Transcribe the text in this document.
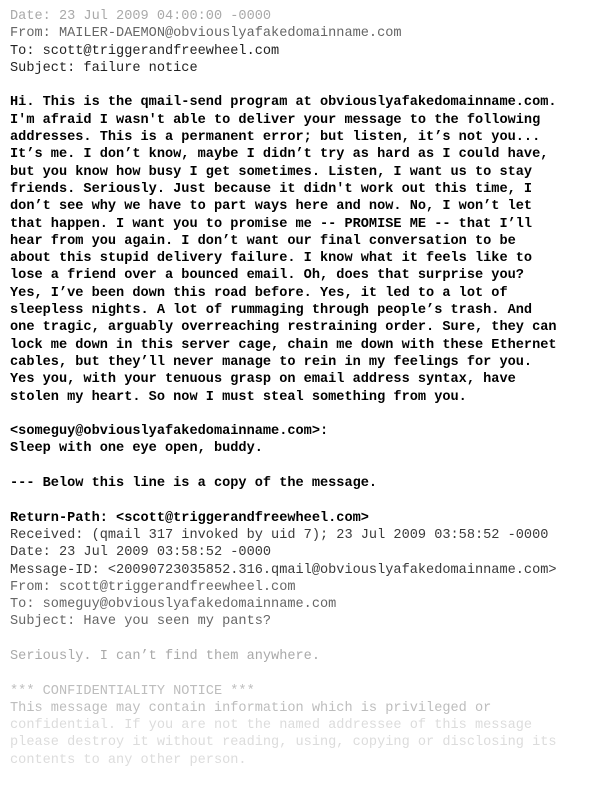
Date: 23 Jul 2009 04:00:00 -0000
From: MAILER-DAEMON@obviouslyafakedomainname.com
To: scott@triggerandfreewheel.com
Subject: failure notice
Hi. This is the qmail-send program at obviouslyafakedomainname.com.
I'm afraid I wasn't able to deliver your message to the following
addresses. This is a permanent error; but listen, it’s not you...
It’s me. I don’t know, maybe I didn’t try as hard as I could have,
but you know how busy I get sometimes. Listen, I want us to stay
friends. Seriously. Just because it didn't work out this time, I
don’t see why we have to part ways here and now. No, I won’t let
that happen. I want you to promise me -- PROMISE ME -- that I’ll
hear from you again. I don’t want our final conversation to be
about this stupid delivery failure. I know what it feels like to
lose a friend over a bounced email. Oh, does that surprise you?
Yes, I’ve been down this road before. Yes, it led to a lot of
sleepless nights. A lot of rummaging through people’s trash. And
one tragic, arguably overreaching restraining order. Sure, they can
lock me down in this server cage, chain me down with these Ethernet
cables, but they’ll never manage to rein in my feelings for you.
Yes you, with your tenuous grasp on email address syntax, have
stolen my heart. So now I must steal something from you.
<someguy@obviouslyafakedomainname.com>:
Sleep with one eye open, buddy.
--- Below this line is a copy of the message.
Return-Path: <scott@triggerandfreewheel.com>
Received: (qmail 317 invoked by uid 7); 23 Jul 2009 03:58:52 -0000
Date: 23 Jul 2009 03:58:52 -0000
Message-ID: <20090723035852.316.qmail@obviouslyafakedomainname.com>
From: scott@triggerandfreewheel.com
To: someguy@obviouslyafakedomainname.com
Subject: Have you seen my pants?
Seriously. I can’t find them anywhere.
*** CONFIDENTIALITY NOTICE ***
This message may contain information which is privileged or
confidential. If you are not the named addressee of this message
please destroy it without reading, using, copying or disclosing its
contents to any other person.
